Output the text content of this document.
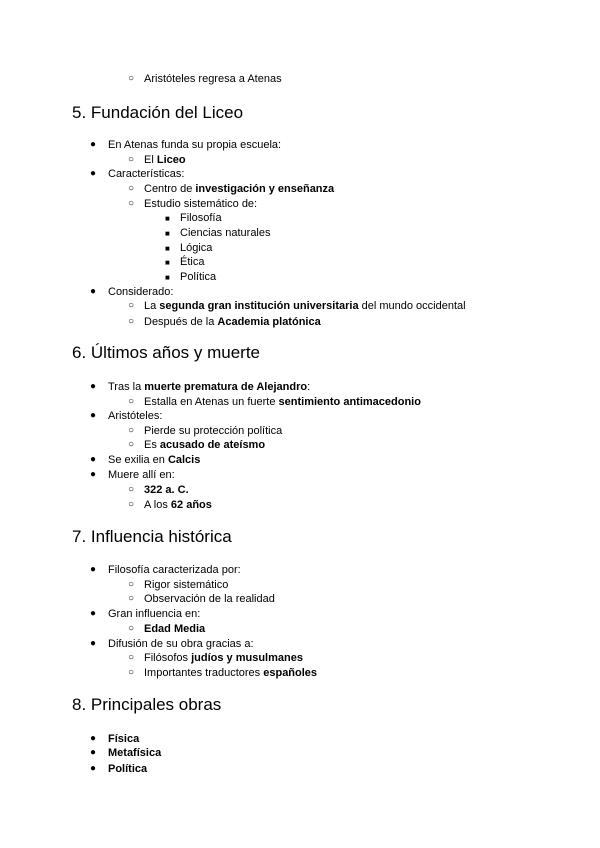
○ Aristóteles regresa a Atenas
5. Fundación del Liceo
● En Atenas funda su propia escuela:
○ El Liceo
● Características:
○ Centro de investigación y enseñanza
○ Estudio sistemático de:
■ Filosofía
■ Ciencias naturales
■ Lógica
■ Ética
■ Política
● Considerado:
○ La segunda gran institución universitaria del mundo occidental
○ Después de la Academia platónica
6. Últimos años y muerte
● Tras la muerte prematura de Alejandro:
○ Estalla en Atenas un fuerte sentimiento antimacedonio
● Aristóteles:
○ Pierde su protección política
○ Es acusado de ateísmo
● Se exilia en Calcis
● Muere allí en:
○ 322 a. C.
○ A los 62 años
7. Influencia histórica
● Filosofía caracterizada por:
○ Rigor sistemático
○ Observación de la realidad
● Gran influencia en:
○ Edad Media
● Difusión de su obra gracias a:
○ Filósofos judíos y musulmanes
○ Importantes traductores españoles
8. Principales obras
● Física
● Metafísica
● Política
